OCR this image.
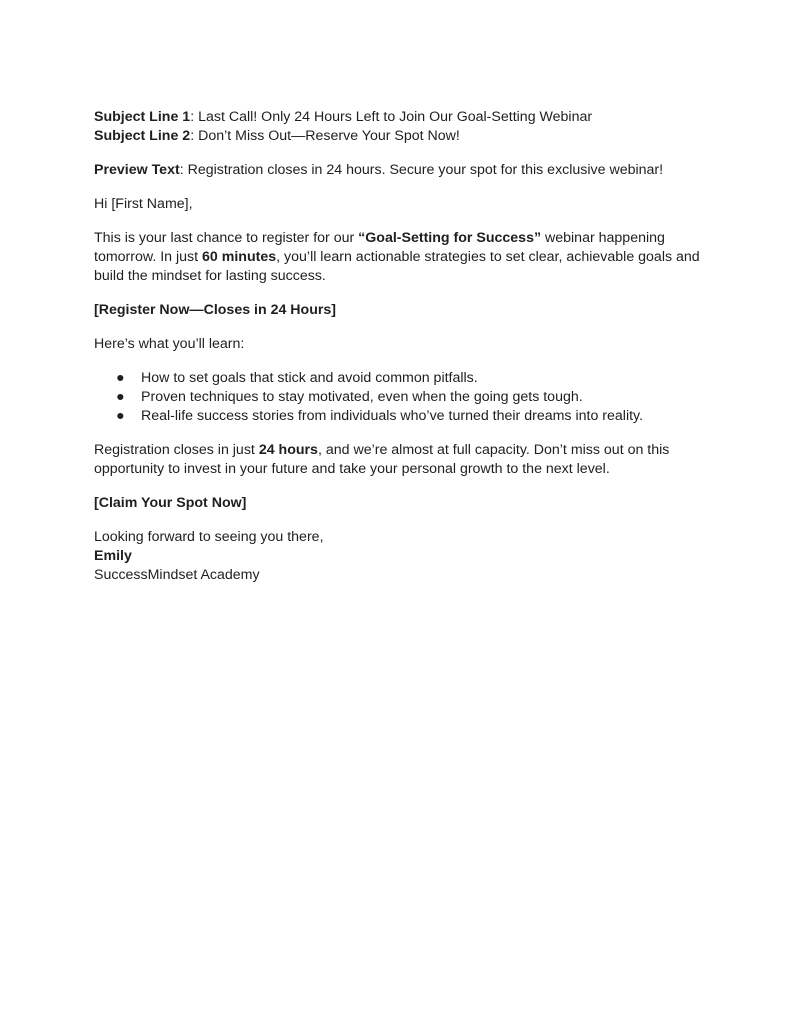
Subject Line 1: Last Call! Only 24 Hours Left to Join Our Goal-Setting Webinar

Subject Line 2: Don’t Miss Out—Reserve Your Spot Now!

Preview Text: Registration closes in 24 hours. Secure your spot for this exclusive webinar!

Hi [First Name],

This is your last chance to register for our “Goal-Setting for Success” webinar happening tomorrow. In just 60 minutes, you’ll learn actionable strategies to set clear, achievable goals and build the mindset for lasting success.

[Register Now—Closes in 24 Hours]

Here’s what you’ll learn:

● How to set goals that stick and avoid common pitfalls.
● Proven techniques to stay motivated, even when the going gets tough.
● Real-life success stories from individuals who’ve turned their dreams into reality.

Registration closes in just 24 hours, and we’re almost at full capacity. Don’t miss out on this opportunity to invest in your future and take your personal growth to the next level.

[Claim Your Spot Now]

Looking forward to seeing you there,

Emily

SuccessMindset Academy
